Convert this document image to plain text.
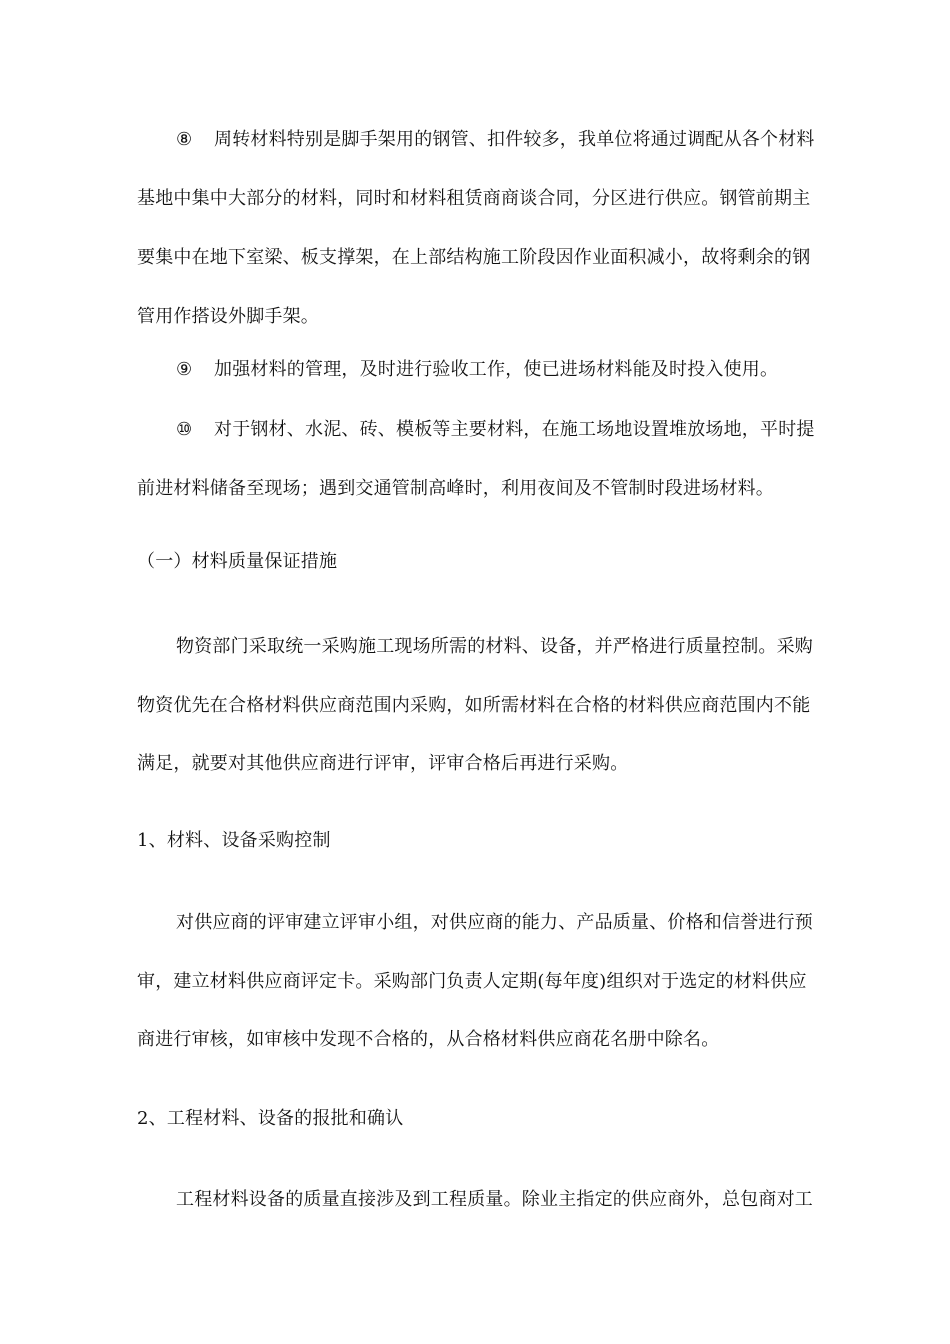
⑧ 周转材料特别是脚手架用的钢管、扣件较多，我单位将通过调配从各个材料
基地中集中大部分的材料，同时和材料租赁商商谈合同，分区进行供应。钢管前期主
要集中在地下室梁、板支撑架，在上部结构施工阶段因作业面积减小，故将剩余的钢
管用作搭设外脚手架。
⑨ 加强材料的管理，及时进行验收工作，使已进场材料能及时投入使用。
⑩ 对于钢材、水泥、砖、模板等主要材料，在施工场地设置堆放场地，平时提
前进材料储备至现场；遇到交通管制高峰时，利用夜间及不管制时段进场材料。
（一）材料质量保证措施
物资部门采取统一采购施工现场所需的材料、设备，并严格进行质量控制。采购
物资优先在合格材料供应商范围内采购，如所需材料在合格的材料供应商范围内不能
满足，就要对其他供应商进行评审，评审合格后再进行采购。
1、材料、设备采购控制
对供应商的评审建立评审小组，对供应商的能力、产品质量、价格和信誉进行预
审，建立材料供应商评定卡。采购部门负责人定期(每年度)组织对于选定的材料供应
商进行审核，如审核中发现不合格的，从合格材料供应商花名册中除名。
2、工程材料、设备的报批和确认
工程材料设备的质量直接涉及到工程质量。除业主指定的供应商外，总包商对工
